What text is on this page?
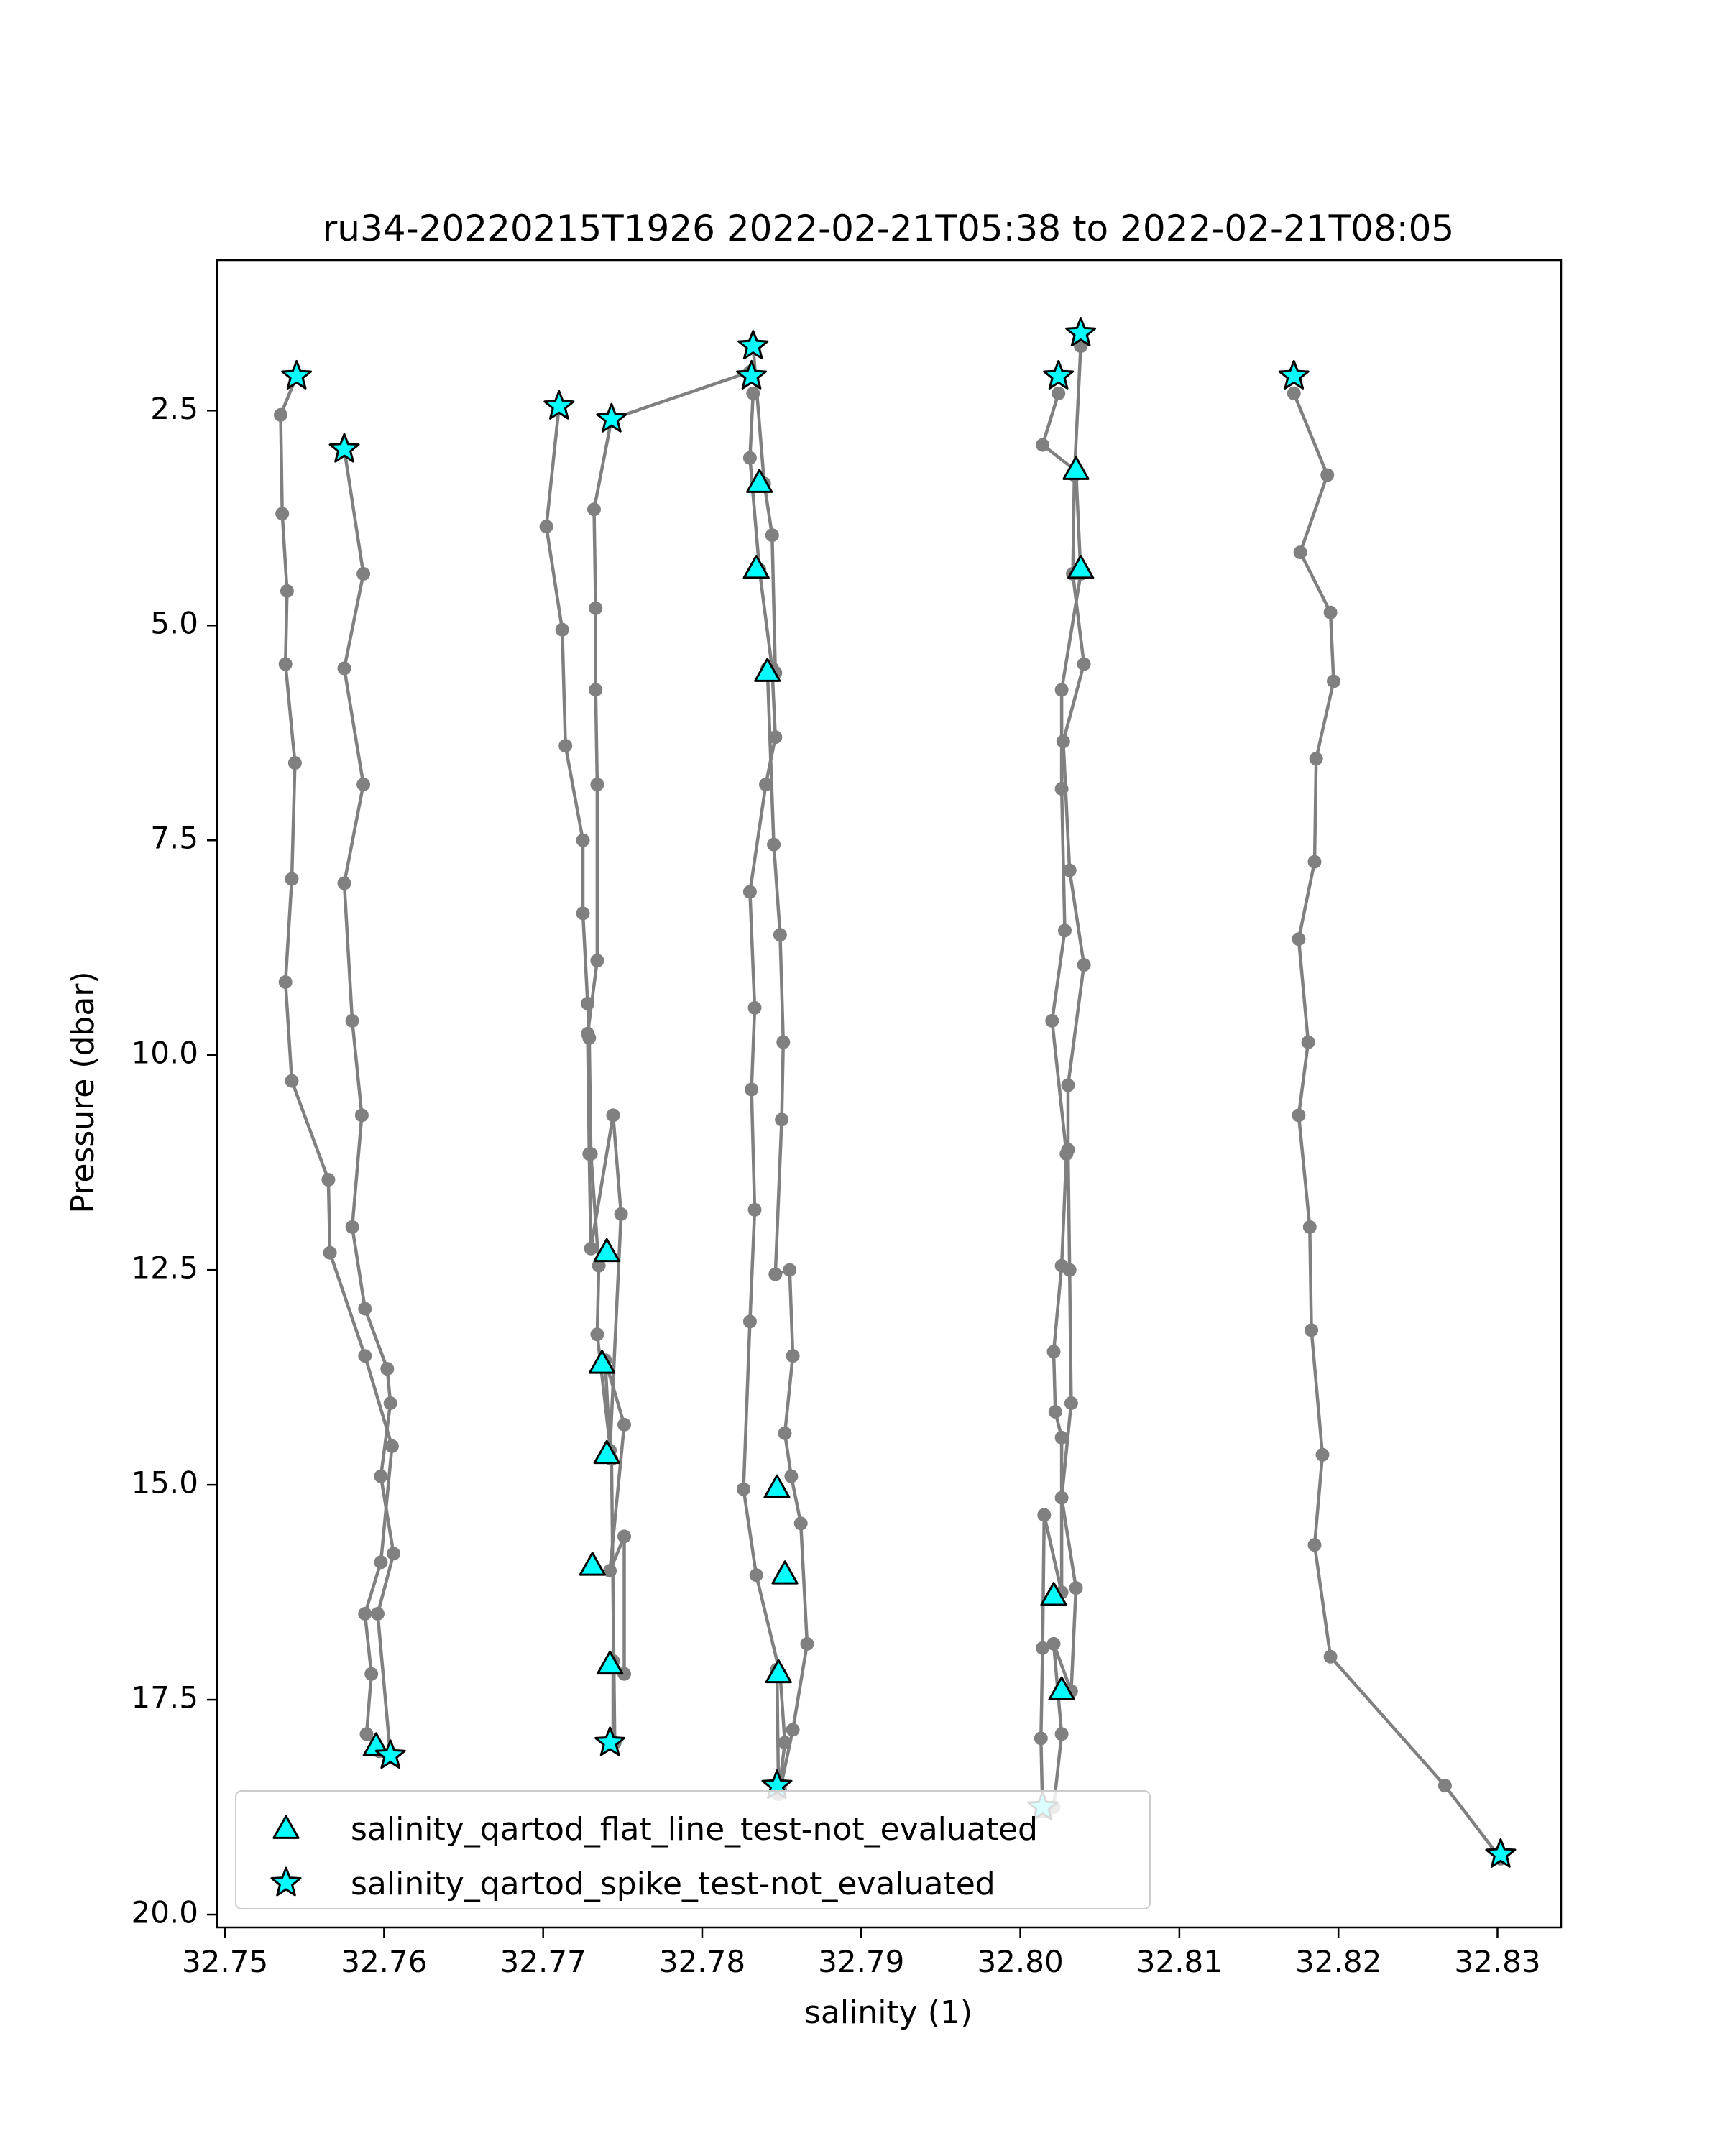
ru34-20220215T1926 2022-02-21T05:38 to 2022-02-21T08:05
32.75 32.76 32.77 32.78 32.79 32.80 32.81 32.82 32.83
2.5
5.0
7.5
10.0
12.5
15.0
17.5
20.0
salinity (1)
Pressure (dbar)
salinity_qartod_flat_line_test-not_evaluated
salinity_qartod_spike_test-not_evaluated
